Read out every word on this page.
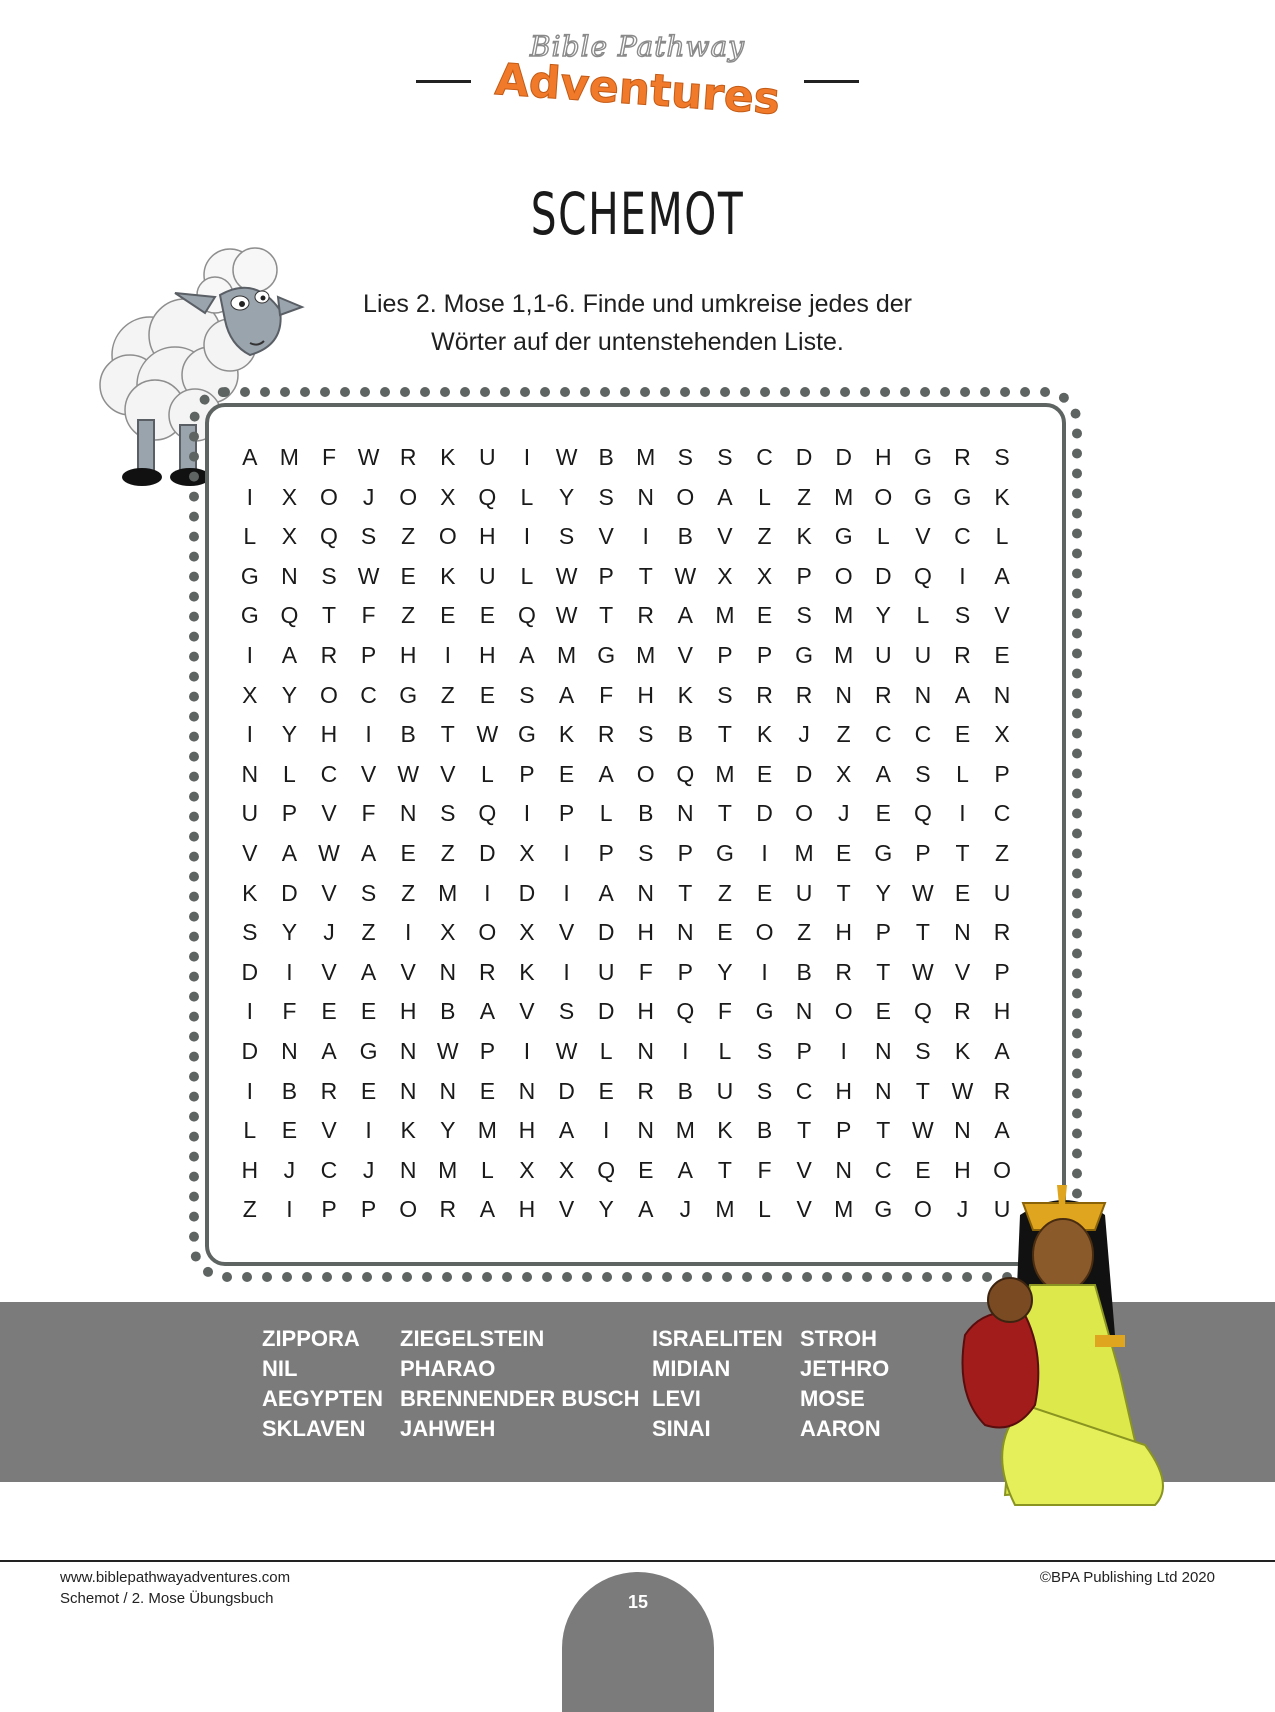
Bible Pathway
Adventures
SCHEMOT
Lies 2. Mose 1,1-6. Finde und umkreise jedes der
Wörter auf der untenstehenden Liste.
A M F W R	K	U	I	W B M S	S	C D D H G R	S
I	X O	J	O X Q	L	Y	S	N O A	L	Z M O G G K
L	X Q S	Z	O H	I	S	V	I	B	V	Z	K G	L	V	C	L
G N	S W E	K	U	L W P	T W X	X	P O D Q	I	A
G Q	T	F	Z	E	E Q W T	R	A M E	S M Y	L	S	V
I	A	R	P	H	I	H	A M G M V	P	P G M U U R	E
X	Y O C G	Z	E	S	A	F	H	K	S	R R N R N	A	N
I	Y	H	I	B	T W G K	R	S	B	T	K	J	Z	C C	E	X
N	L	C	V W V	L	P	E	A O Q M E	D	X	A	S	L	P
U	P	V	F	N	S Q	I	P	L	B	N	T	D O	J	E Q	I	C
V	A W A	E	Z	D	X	I	P	S	P G	I	M E G P	T	Z
K	D	V	S	Z M	I	D	I	A	N	T	Z	E	U	T	Y W E	U
S	Y	J	Z	I	X O X	V	D H N	E O	Z	H	P	T	N R
D	I	V	A	V	N R	K	I	U	F	P	Y	I	B	R	T W V	P
I	F	E	E	H	B	A	V	S	D H Q	F	G N O E Q R H
D N	A G N W P	I	W L	N	I	L	S	P	I	N	S	K	A
I	B	R	E	N N	E	N D	E	R	B	U	S	C H N	T W R
L	E	V	I	K	Y M H	A	I	N M K	B	T	P	T W N	A
H	J	C	J	N M	L	X	X Q E	A	T	F	V	N C	E	H O
Z	I	P	P O R	A	H	V	Y	A	J	M	L	V M G O	J	U
ZIPPORA
NIL
AEGYPTEN
SKLAVEN
ZIEGELSTEIN
PHARAO
BRENNENDER BUSCH
JAHWEH
ISRAELITEN
MIDIAN
LEVI
SINAI
STROH
JETHRO
MOSE
AARON
www.biblepathwayadventures.com
Schemot / 2. Mose Übungsbuch
©BPA Publishing Ltd 2020
15
